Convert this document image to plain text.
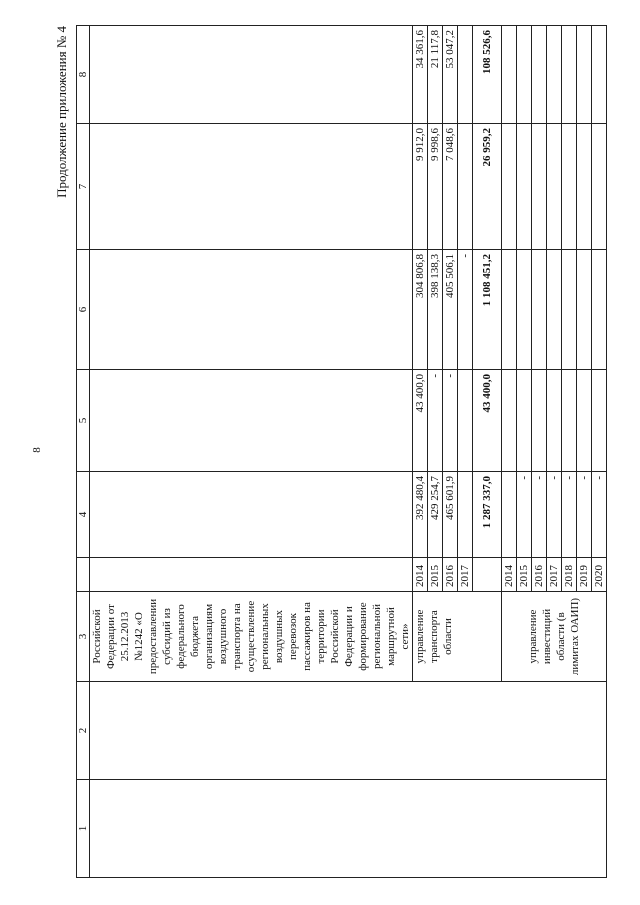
8
Продолжение приложения № 4
1	2	3		4	5	6	7	8
		Российской Федерации от 25.12.2013 №1242 «О предоставлении субсидий из федерального бюджета организациям воздушного транспорта на осуществление региональных воздушных перевозок пассажиров на территории Российской Федерации и формирование региональной маршрутной сети»						
		управление транспорта области	2014	392 480,4	43 400,0	304 806,8	9 912,0	34 361,6
			2015	429 254,7	-	398 138,3	9 998,6	21 117,8
			2016	465 601,9	-	405 506,1	7 048,6	53 047,2
			2017			-		
				1 287 337,0	43 400,0	1 108 451,2	26 959,2	108 526,6
		управление инвестиций области (в лимитах ОАИП)	2014					
			2015	-				
			2016	-				
			2017	-				
			2018	-				
			2019	-				
			2020	-				
